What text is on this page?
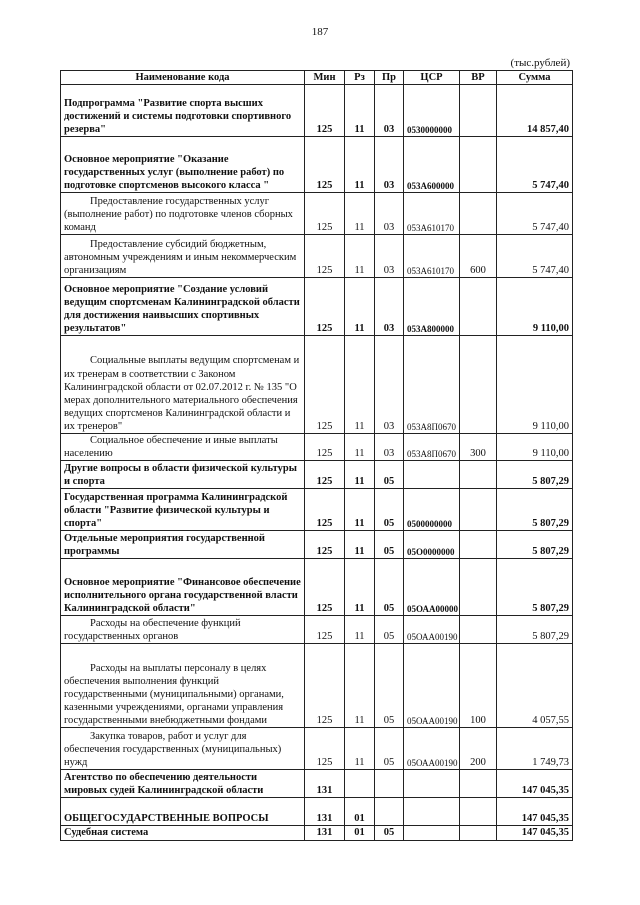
187
(тыс.рублей)
Наименование кода	Мин	Рз	Пр	ЦСР	ВР	Сумма

Подпрограмма "Развитие спорта высших достижений и системы подготовки спортивного резерва"	125	11	03	0530000000		14 857,40

Основное мероприятие "Оказание государственных услуг (выполнение работ) по подготовке спортсменов высокого класса "	125	11	03	053А600000		5 747,40

Предоставление государственных услуг (выполнение работ) по подготовке членов сборных команд	125	11	03	053А610170		5 747,40

Предоставление субсидий бюджетным, автономным учреждениям и иным некоммерческим организациям	125	11	03	053А610170	600	5 747,40

Основное мероприятие "Создание условий ведущим спортсменам Калининградской области для достижения наивысших спортивных результатов"	125	11	03	053А800000		9 110,00

Социальные выплаты ведущим спортсменам и их тренерам в соответствии с Законом Калининградской области от 02.07.2012 г. № 135 "О мерах дополнительного материального обеспечения ведущих спортсменов Калининградской области и их тренеров"	125	11	03	053А8П0670		9 110,00

Социальное обеспечение и иные выплаты населению	125	11	03	053А8П0670	300	9 110,00

Другие вопросы в области физической культуры и спорта	125	11	05			5 807,29

Государственная программа Калининградской области "Развитие физической культуры и спорта"	125	11	05	0500000000		5 807,29

Отдельные мероприятия государственной программы	125	11	05	05О0000000		5 807,29

Основное мероприятие "Финансовое обеспечение исполнительного органа государственной власти Калининградской области"	125	11	05	05ОАА00000		5 807,29

Расходы на обеспечение функций государственных органов	125	11	05	05ОАА00190		5 807,29

Расходы на выплаты персоналу в целях обеспечения выполнения функций государственными (муниципальными) органами, казенными учреждениями, органами управления государственными внебюджетными фондами	125	11	05	05ОАА00190	100	4 057,55

Закупка товаров, работ и услуг для обеспечения государственных (муниципальных) нужд	125	11	05	05ОАА00190	200	1 749,73

Агентство по обеспечению деятельности мировых судей Калининградской области	131					147 045,35

ОБЩЕГОСУДАРСТВЕННЫЕ ВОПРОСЫ	131	01				147 045,35

Судебная система	131	01	05			147 045,35
